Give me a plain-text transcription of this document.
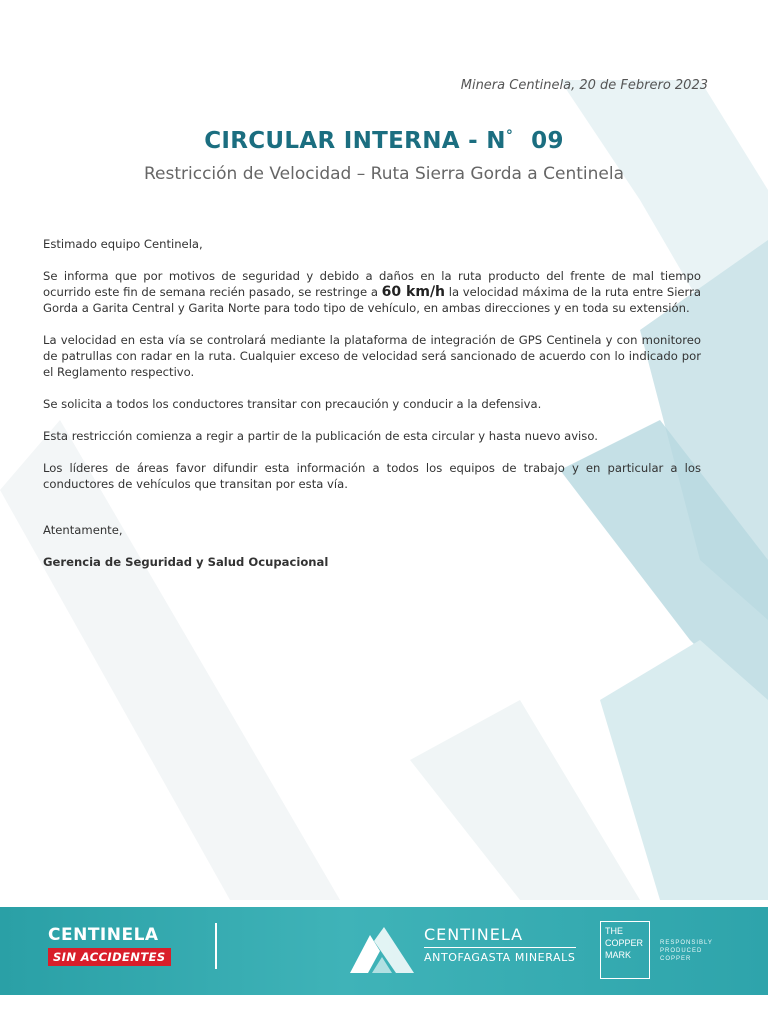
Minera Centinela, 20 de Febrero 2023
CIRCULAR INTERNA - N° 09
Restricción de Velocidad – Ruta Sierra Gorda a Centinela

Estimado equipo Centinela,

Se informa que por motivos de seguridad y debido a daños en la ruta producto del frente de mal tiempo ocurrido este fin de semana recién pasado, se restringe a 60 km/h la velocidad máxima de la ruta entre Sierra Gorda a Garita Central y Garita Norte para todo tipo de vehículo, en ambas direcciones y en toda su extensión.

La velocidad en esta vía se controlará mediante la plataforma de integración de GPS Centinela y con monitoreo de patrullas con radar en la ruta. Cualquier exceso de velocidad será sancionado de acuerdo con lo indicado por el Reglamento respectivo.

Se solicita a todos los conductores transitar con precaución y conducir a la defensiva.

Esta restricción comienza a regir a partir de la publicación de esta circular y hasta nuevo aviso.

Los líderes de áreas favor difundir esta información a todos los equipos de trabajo y en particular a los conductores de vehículos que transitan por esta vía.

Atentamente,

Gerencia de Seguridad y Salud Ocupacional

CENTINELA
SIN ACCIDENTES
CENTINELA
ANTOFAGASTA MINERALS
THE
COPPER
MARK
RESPONSIBLY
PRODUCED
COPPER
